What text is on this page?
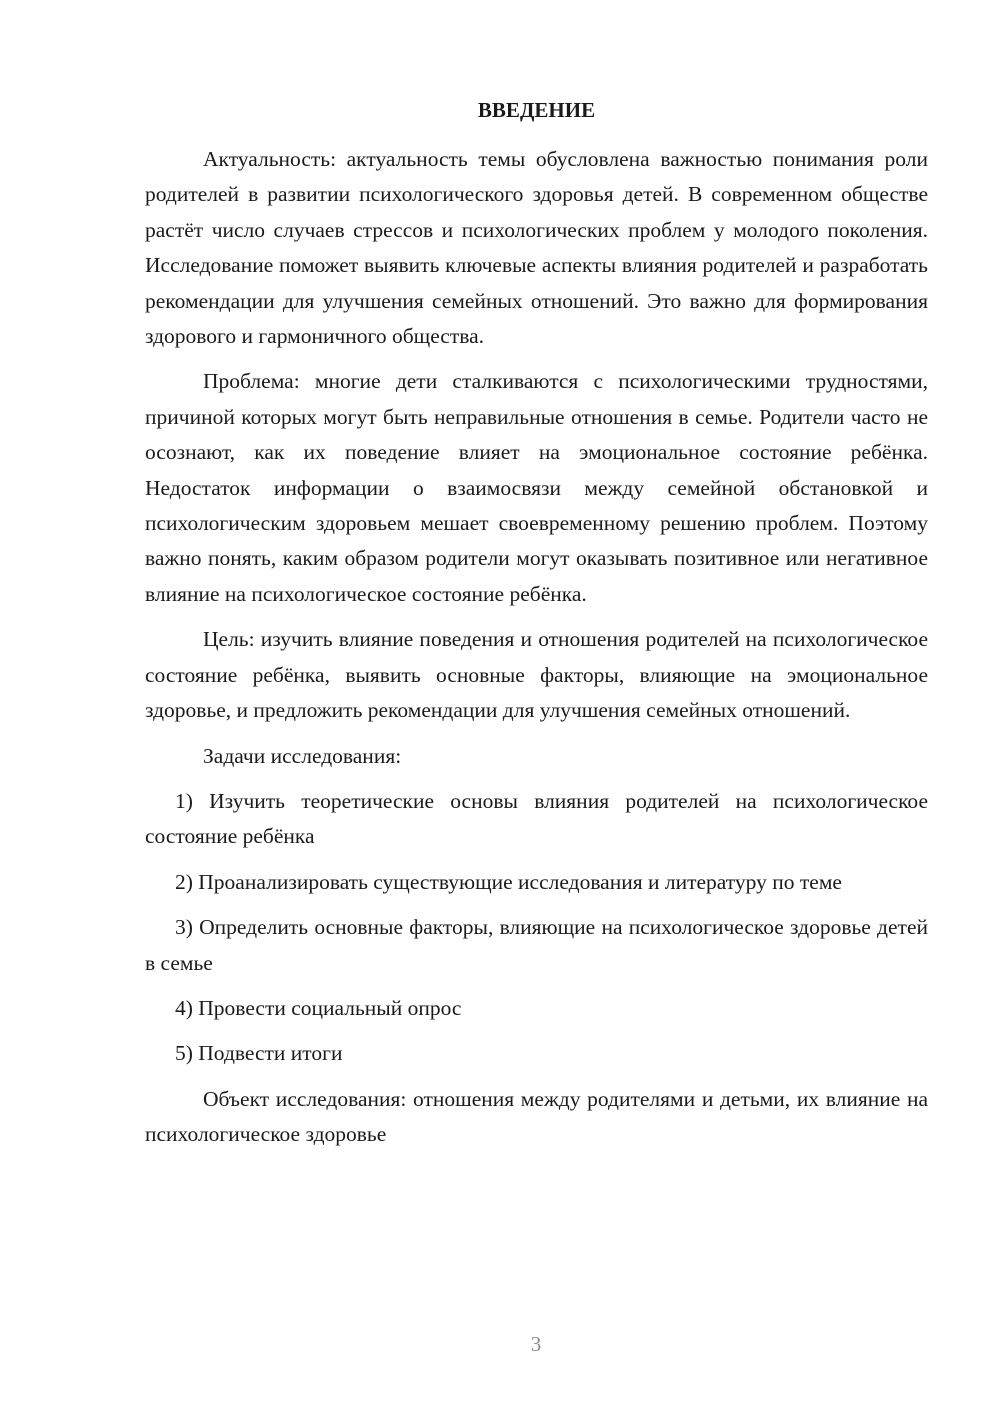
ВВЕДЕНИЕ

Актуальность: актуальность темы обусловлена важностью понимания роли родителей в развитии психологического здоровья детей. В современном обществе растёт число случаев стрессов и психологических проблем у молодого поколения. Исследование поможет выявить ключевые аспекты влияния родителей и разработать рекомендации для улучшения семейных отношений. Это важно для формирования здорового и гармоничного общества.

Проблема: многие дети сталкиваются с психологическими трудностями, причиной которых могут быть неправильные отношения в семье. Родители часто не осознают, как их поведение влияет на эмоциональное состояние ребёнка. Недостаток информации о взаимосвязи между семейной обстановкой и психологическим здоровьем мешает своевременному решению проблем. Поэтому важно понять, каким образом родители могут оказывать позитивное или негативное влияние на психологическое состояние ребёнка.

Цель: изучить влияние поведения и отношения родителей на психологическое состояние ребёнка, выявить основные факторы, влияющие на эмоциональное здоровье, и предложить рекомендации для улучшения семейных отношений.

Задачи исследования:

1) Изучить теоретические основы влияния родителей на психологическое состояние ребёнка
2) Проанализировать существующие исследования и литературу по теме
3) Определить основные факторы, влияющие на психологическое здоровье детей в семье
4) Провести социальный опрос
5) Подвести итоги

Объект исследования: отношения между родителями и детьми, их влияние на психологическое здоровье

3
